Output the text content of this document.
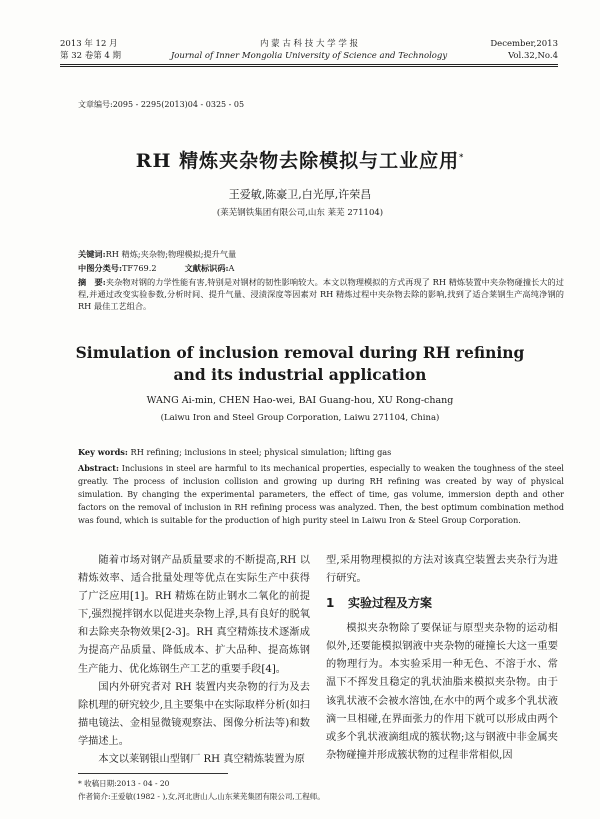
2013 年 12 月
第 32 卷第 4 期
内 蒙 古 科 技 大 学 学 报
Journal of Inner Mongolia University of Science and Technology
December,2013
Vol.32,No.4
文章编号:2095 - 2295(2013)04 - 0325 - 05
RH 精炼夹杂物去除模拟与工业应用*
王爱敏,陈豪卫,白光厚,许荣昌
(莱芜钢铁集团有限公司,山东 莱芜 271104)
关键词:RH 精炼;夹杂物;物理模拟;提升气量
中图分类号:TF769.2	文献标识码:A
摘　要:夹杂物对钢的力学性能有害,特别是对钢材的韧性影响较大。本文以物理模拟的方式再现了 RH 精炼装置中夹杂物碰撞长大的过程,并通过改变实验参数,分析时间、提升气量、浸渍深度等因素对 RH 精炼过程中夹杂物去除的影响,找到了适合莱钢生产高纯净钢的 RH 最佳工艺组合。
Simulation of inclusion removal during RH refining
and its industrial application
WANG Ai-min, CHEN Hao-wei, BAI Guang-hou, XU Rong-chang
(Laiwu Iron and Steel Group Corporation, Laiwu 271104, China)
Key words: RH refining; inclusions in steel; physical simulation; lifting gas
Abstract: Inclusions in steel are harmful to its mechanical properties, especially to weaken the toughness of the steel greatly. The process of inclusion collision and growing up during RH refining was created by way of physical simulation. By changing the experimental parameters, the effect of time, gas volume, immersion depth and other factors on the removal of inclusion in RH refining process was analyzed. Then, the best optimum combination method was found, which is suitable for the production of high purity steel in Laiwu Iron & Steel Group Corporation.

随着市场对钢产品质量要求的不断提高,RH 以精炼效率、适合批量处理等优点在实际生产中获得了广泛应用[1]。RH 精炼在防止钢水二氧化的前提下,强烈搅拌钢水以促进夹杂物上浮,具有良好的脱氧和去除夹杂物效果[2-3]。RH 真空精炼技术逐渐成为提高产品质量、降低成本、扩大品种、提高炼钢生产能力、优化炼钢生产工艺的重要手段[4]。

国内外研究者对 RH 装置内夹杂物的行为及去除机理的研究较少,且主要集中在实际取样分析(如扫描电镜法、金相显微镜观察法、图像分析法等)和数学描述上。

本文以莱钢银山型钢厂 RH 真空精炼装置为原

型,采用物理模拟的方法对该真空装置去夹杂行为进行研究。

1 实验过程及方案

模拟夹杂物除了要保证与原型夹杂物的运动相似外,还要能模拟钢液中夹杂物的碰撞长大这一重要的物理行为。本实验采用一种无色、不溶于水、常温下不挥发且稳定的乳状油脂来模拟夹杂物。由于该乳状液不会被水溶蚀,在水中的两个或多个乳状液滴一旦相碰,在界面张力的作用下就可以形成由两个或多个乳状液滴组成的簇状物;这与钢液中非金属夹杂物碰撞并形成簇状物的过程非常相似,因

* 收稿日期:2013 - 04 - 20
作者简介:王爱敏(1982 - ),女,河北唐山人,山东莱芜集团有限公司,工程师。
